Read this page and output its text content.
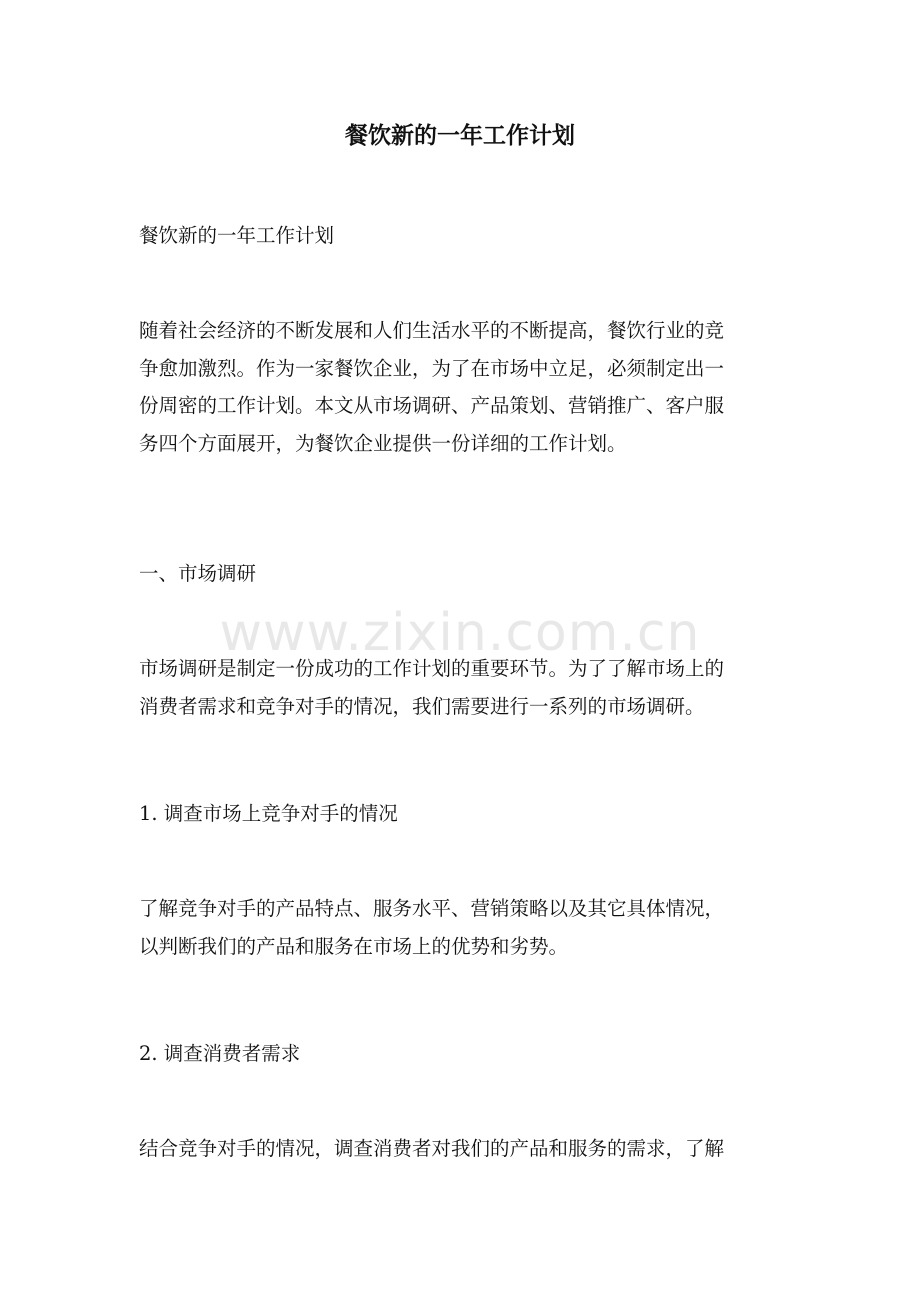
餐饮新的一年工作计划

餐饮新的一年工作计划

随着社会经济的不断发展和人们生活水平的不断提高，餐饮行业的竞
争愈加激烈。作为一家餐饮企业，为了在市场中立足，必须制定出一
份周密的工作计划。本文从市场调研、产品策划、营销推广、客户服
务四个方面展开，为餐饮企业提供一份详细的工作计划。

一、市场调研

市场调研是制定一份成功的工作计划的重要环节。为了了解市场上的
消费者需求和竞争对手的情况，我们需要进行一系列的市场调研。

1. 调查市场上竞争对手的情况

了解竞争对手的产品特点、服务水平、营销策略以及其它具体情况，
以判断我们的产品和服务在市场上的优势和劣势。

2. 调查消费者需求

结合竞争对手的情况，调查消费者对我们的产品和服务的需求，了解

www.zixin.com.cn
